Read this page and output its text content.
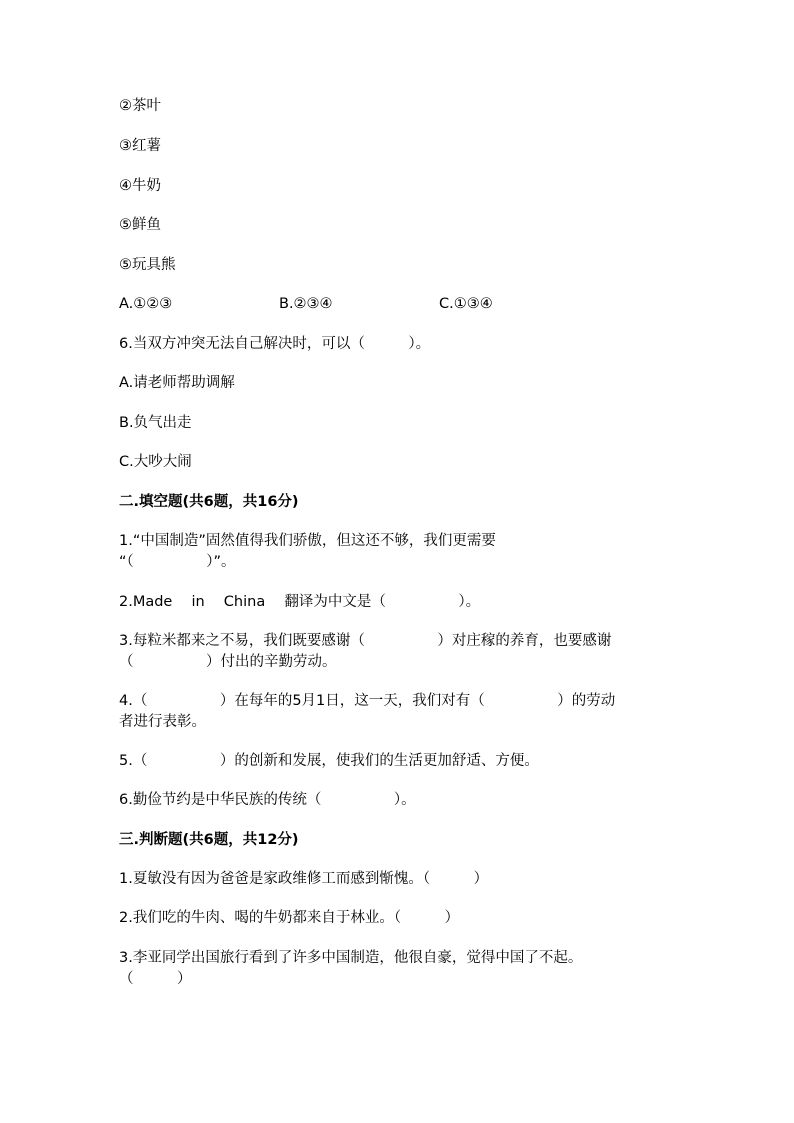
②茶叶

③红薯

④牛奶

⑤鲜鱼

⑤玩具熊

A.①②③	B.②③④	C.①③④

6.当双方冲突无法自己解决时，可以（　　　）。

A.请老师帮助调解

B.负气出走

C.大吵大闹

二.填空题(共6题，共16分)

1.“中国制造”固然值得我们骄傲，但这还不够，我们更需要
“（　　　　　）”。

2.Made　 in　 China　 翻译为中文是（　　　　　）。

3.每粒米都来之不易，我们既要感谢（　　　　　）对庄稼的养育，也要感谢
（　　　　　）付出的辛勤劳动。

4.（　　　　　）在每年的5月1日，这一天，我们对有（　　　　　）的劳动
者进行表彰。

5.（　　　　　）的创新和发展，使我们的生活更加舒适、方便。

6.勤俭节约是中华民族的传统（　　　　　）。

三.判断题(共6题，共12分)

1.夏敏没有因为爸爸是家政维修工而感到惭愧。（　　　）

2.我们吃的牛肉、喝的牛奶都来自于林业。（　　　）

3.李亚同学出国旅行看到了许多中国制造，他很自豪，觉得中国了不起。
（　　　）
